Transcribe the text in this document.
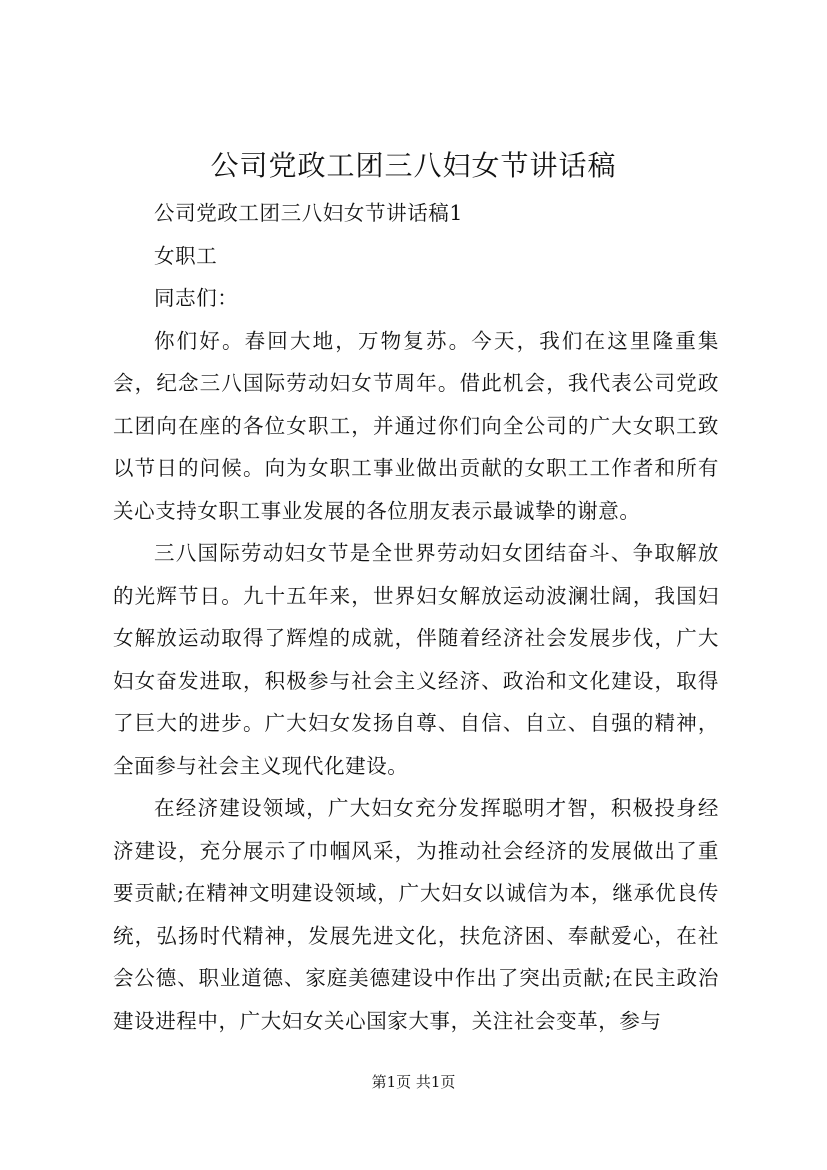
公司党政工团三八妇女节讲话稿

公司党政工团三八妇女节讲话稿1

女职工

同志们：

你们好。春回大地，万物复苏。今天，我们在这里隆重集会，纪念三八国际劳动妇女节周年。借此机会，我代表公司党政工团向在座的各位女职工，并通过你们向全公司的广大女职工致以节日的问候。向为女职工事业做出贡献的女职工工作者和所有关心支持女职工事业发展的各位朋友表示最诚挚的谢意。

三八国际劳动妇女节是全世界劳动妇女团结奋斗、争取解放的光辉节日。九十五年来，世界妇女解放运动波澜壮阔，我国妇女解放运动取得了辉煌的成就，伴随着经济社会发展步伐，广大妇女奋发进取，积极参与社会主义经济、政治和文化建设，取得了巨大的进步。广大妇女发扬自尊、自信、自立、自强的精神，全面参与社会主义现代化建设。

在经济建设领域，广大妇女充分发挥聪明才智，积极投身经济建设，充分展示了巾帼风采，为推动社会经济的发展做出了重要贡献;在精神文明建设领域，广大妇女以诚信为本，继承优良传统，弘扬时代精神，发展先进文化，扶危济困、奉献爱心，在社会公德、职业道德、家庭美德建设中作出了突出贡献;在民主政治建设进程中，广大妇女关心国家大事，关注社会变革，参与

第1页 共1页
